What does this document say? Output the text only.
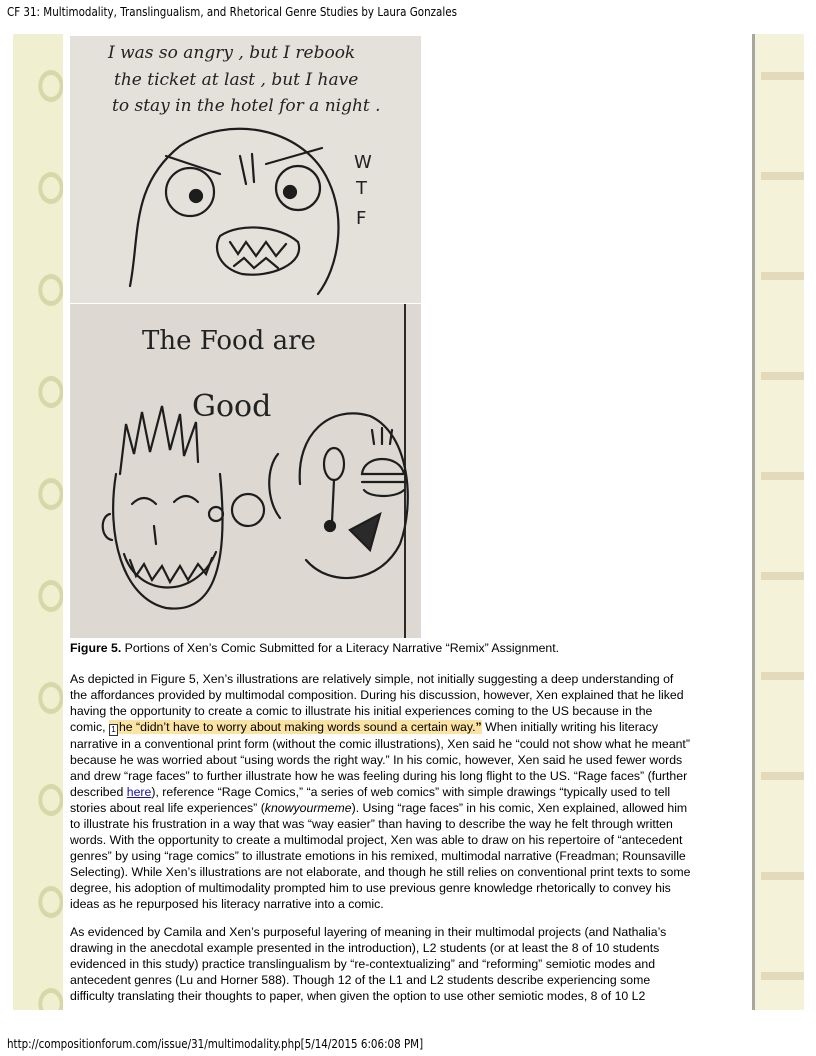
CF 31: Multimodality, Translingualism, and Rhetorical Genre Studies by Laura Gonzales
I was so angry , but I rebook
the ticket at last , but I have
to stay in the hotel for a night .
W
T
F
The Food are
Good
Figure 5. Portions of Xen’s Comic Submitted for a Literacy Narrative “Remix” Assignment.
As depicted in Figure 5, Xen’s illustrations are relatively simple, not initially suggesting a deep understanding of
the affordances provided by multimodal composition. During his discussion, however, Xen explained that he liked
having the opportunity to create a comic to illustrate his initial experiences coming to the US because in the
comic, 1 he “didn’t have to worry about making words sound a certain way.” When initially writing his literacy
narrative in a conventional print form (without the comic illustrations), Xen said he “could not show what he meant”
because he was worried about “using words the right way.” In his comic, however, Xen said he used fewer words
and drew “rage faces” to further illustrate how he was feeling during his long flight to the US. “Rage faces” (further
described here), reference “Rage Comics,” “a series of web comics” with simple drawings “typically used to tell
stories about real life experiences” (knowyourmeme). Using “rage faces” in his comic, Xen explained, allowed him
to illustrate his frustration in a way that was “way easier” than having to describe the way he felt through written
words. With the opportunity to create a multimodal project, Xen was able to draw on his repertoire of “antecedent
genres” by using “rage comics” to illustrate emotions in his remixed, multimodal narrative (Freadman; Rounsaville
Selecting). While Xen’s illustrations are not elaborate, and though he still relies on conventional print texts to some
degree, his adoption of multimodality prompted him to use previous genre knowledge rhetorically to convey his
ideas as he repurposed his literacy narrative into a comic.
As evidenced by Camila and Xen’s purposeful layering of meaning in their multimodal projects (and Nathalia’s
drawing in the anecdotal example presented in the introduction), L2 students (or at least the 8 of 10 students
evidenced in this study) practice translingualism by “re-contextualizing” and “reforming” semiotic modes and
antecedent genres (Lu and Horner 588). Though 12 of the L1 and L2 students describe experiencing some
difficulty translating their thoughts to paper, when given the option to use other semiotic modes, 8 of 10 L2
http://compositionforum.com/issue/31/multimodality.php[5/14/2015 6:06:08 PM]
